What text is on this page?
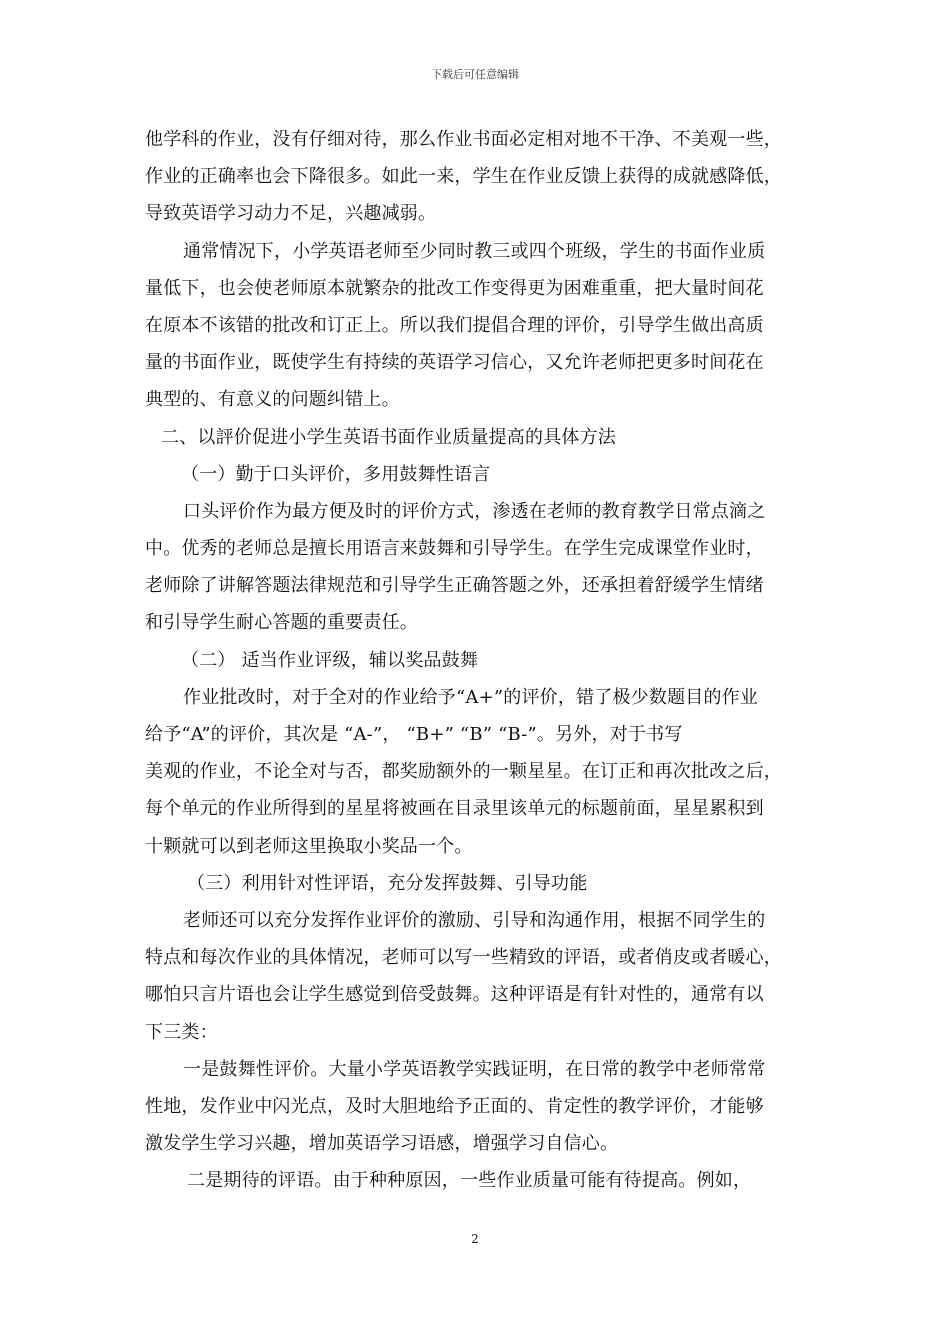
下载后可任意编辑
他学科的作业，没有仔细对待，那么作业书面必定相对地不干净、不美观一些，
作业的正确率也会下降很多。如此一来，学生在作业反馈上获得的成就感降低，
导致英语学习动力不足，兴趣减弱。
通常情况下，小学英语老师至少同时教三或四个班级，学生的书面作业质
量低下，也会使老师原本就繁杂的批改工作变得更为困难重重，把大量时间花
在原本不该错的批改和订正上。所以我们提倡合理的评价，引导学生做出高质
量的书面作业，既使学生有持续的英语学习信心，又允许老师把更多时间花在
典型的、有意义的问题纠错上。
二、以評价促进小学生英语书面作业质量提高的具体方法
（一）勤于口头评价，多用鼓舞性语言
口头评价作为最方便及时的评价方式，渗透在老师的教育教学日常点滴之
中。优秀的老师总是擅长用语言来鼓舞和引导学生。在学生完成课堂作业时，
老师除了讲解答题法律规范和引导学生正确答题之外，还承担着舒缓学生情绪
和引导学生耐心答题的重要责任。
（二） 适当作业评级，辅以奖品鼓舞
作业批改时，对于全对的作业给予“A+”的评价，错了极少数题目的作业
给予“A”的评价，其次是 “A-”， “B+” “B” “B-”。另外，对于书写
美观的作业，不论全对与否，都奖励额外的一颗星星。在订正和再次批改之后，
每个单元的作业所得到的星星将被画在目录里该单元的标题前面，星星累积到
十颗就可以到老师这里换取小奖品一个。
（三）利用针对性评语，充分发挥鼓舞、引导功能
老师还可以充分发挥作业评价的激励、引导和沟通作用，根据不同学生的
特点和每次作业的具体情况，老师可以写一些精致的评语，或者俏皮或者暖心，
哪怕只言片语也会让学生感觉到倍受鼓舞。这种评语是有针对性的，通常有以
下三类：
一是鼓舞性评价。大量小学英语教学实践证明，在日常的教学中老师常常
性地，发作业中闪光点，及时大胆地给予正面的、肯定性的教学评价，才能够
激发学生学习兴趣，增加英语学习语感，增强学习自信心。
二是期待的评语。由于种种原因，一些作业质量可能有待提高。例如，
2
